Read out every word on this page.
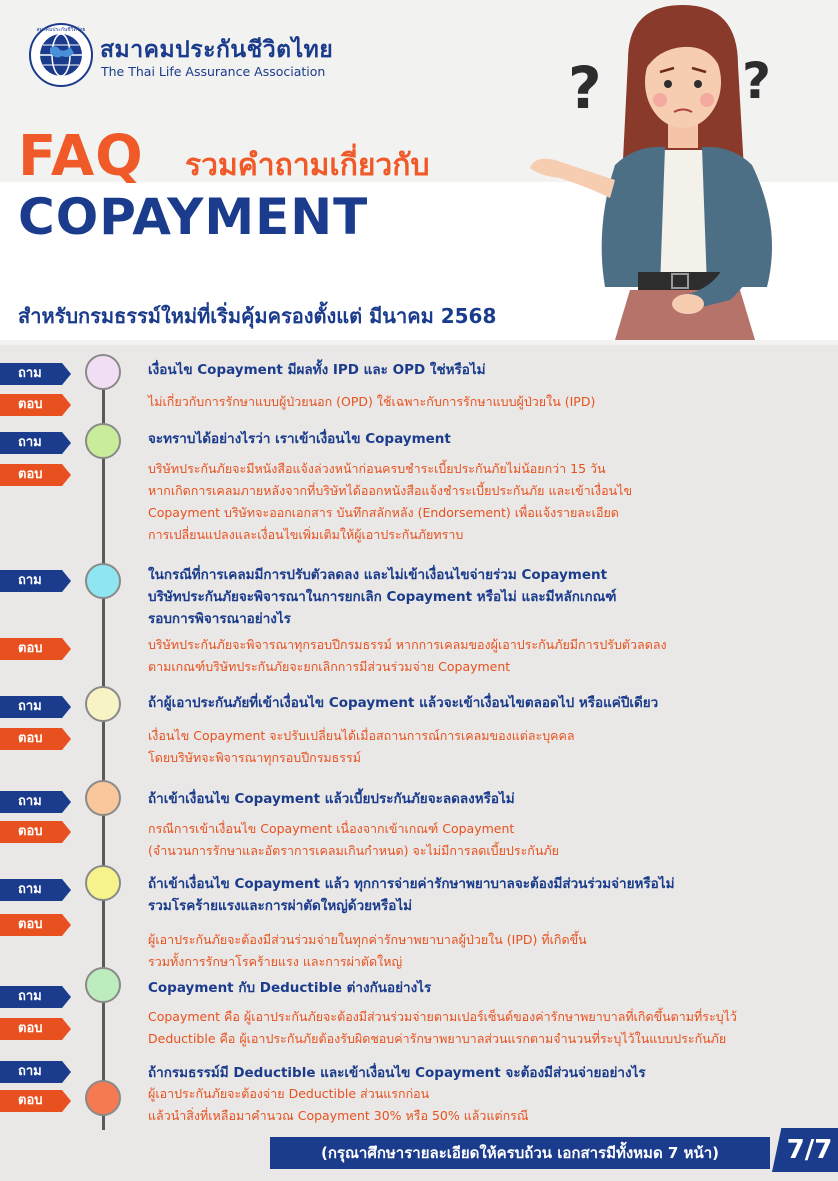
สมาคมประกันชีวิตไทย
สมาคมประกันชีวิตไทย
The Thai Life Assurance Association
FAQ รวมคำถามเกี่ยวกับ
COPAYMENT
สำหรับกรมธรรม์ใหม่ที่เริ่มคุ้มครองตั้งแต่ มีนาคม 2568
?	?
ถาม
ตอบ
เงื่อนไข Copayment มีผลทั้ง IPD และ OPD ใช่หรือไม่
ไม่เกี่ยวกับการรักษาแบบผู้ป่วยนอก (OPD) ใช้เฉพาะกับการรักษาแบบผู้ป่วยใน (IPD)
ถาม
ตอบ
จะทราบได้อย่างไรว่า เราเข้าเงื่อนไข Copayment
บริษัทประกันภัยจะมีหนังสือแจ้งล่วงหน้าก่อนครบชำระเบี้ยประกันภัยไม่น้อยกว่า 15 วัน
หากเกิดการเคลมภายหลังจากที่บริษัทได้ออกหนังสือแจ้งชำระเบี้ยประกันภัย และเข้าเงื่อนไข
Copayment บริษัทจะออกเอกสาร บันทึกสลักหลัง (Endorsement) เพื่อแจ้งรายละเอียด
การเปลี่ยนแปลงและเงื่อนไขเพิ่มเติมให้ผู้เอาประกันภัยทราบ
ถาม
ตอบ
ในกรณีที่การเคลมมีการปรับตัวลดลง และไม่เข้าเงื่อนไขจ่ายร่วม Copayment
บริษัทประกันภัยจะพิจารณาในการยกเลิก Copayment หรือไม่ และมีหลักเกณฑ์
รอบการพิจารณาอย่างไร
บริษัทประกันภัยจะพิจารณาทุกรอบปีกรมธรรม์ หากการเคลมของผู้เอาประกันภัยมีการปรับตัวลดลง
ตามเกณฑ์บริษัทประกันภัยจะยกเลิกการมีส่วนร่วมจ่าย Copayment
ถาม
ตอบ
ถ้าผู้เอาประกันภัยที่เข้าเงื่อนไข Copayment แล้วจะเข้าเงื่อนไขตลอดไป หรือแค่ปีเดียว
เงื่อนไข Copayment จะปรับเปลี่ยนได้เมื่อสถานการณ์การเคลมของแต่ละบุคคล
โดยบริษัทจะพิจารณาทุกรอบปีกรมธรรม์
ถาม
ตอบ
ถ้าเข้าเงื่อนไข Copayment แล้วเบี้ยประกันภัยจะลดลงหรือไม่
กรณีการเข้าเงื่อนไข Copayment เนื่องจากเข้าเกณฑ์ Copayment
(จำนวนการรักษาและอัตราการเคลมเกินกำหนด) จะไม่มีการลดเบี้ยประกันภัย
ถาม
ตอบ
ถ้าเข้าเงื่อนไข Copayment แล้ว ทุกการจ่ายค่ารักษาพยาบาลจะต้องมีส่วนร่วมจ่ายหรือไม่
รวมโรคร้ายแรงและการผ่าตัดใหญ่ด้วยหรือไม่
ผู้เอาประกันภัยจะต้องมีส่วนร่วมจ่ายในทุกค่ารักษาพยาบาลผู้ป่วยใน (IPD) ที่เกิดขึ้น
รวมทั้งการรักษาโรคร้ายแรง และการผ่าตัดใหญ่
ถาม
ตอบ
Copayment กับ Deductible ต่างกันอย่างไร
Copayment คือ ผู้เอาประกันภัยจะต้องมีส่วนร่วมจ่ายตามเปอร์เซ็นต์ของค่ารักษาพยาบาลที่เกิดขึ้นตามที่ระบุไว้
Deductible คือ ผู้เอาประกันภัยต้องรับผิดชอบค่ารักษาพยาบาลส่วนแรกตามจำนวนที่ระบุไว้ในแบบประกันภัย
ถาม
ตอบ
ถ้ากรมธรรม์มี Deductible และเข้าเงื่อนไข Copayment จะต้องมีส่วนจ่ายอย่างไร
ผู้เอาประกันภัยจะต้องจ่าย Deductible ส่วนแรกก่อน
แล้วนำสิ่งที่เหลือมาคำนวณ Copayment 30% หรือ 50% แล้วแต่กรณี
(กรุณาศึกษารายละเอียดให้ครบถ้วน เอกสารมีทั้งหมด 7 หน้า)	7/7
